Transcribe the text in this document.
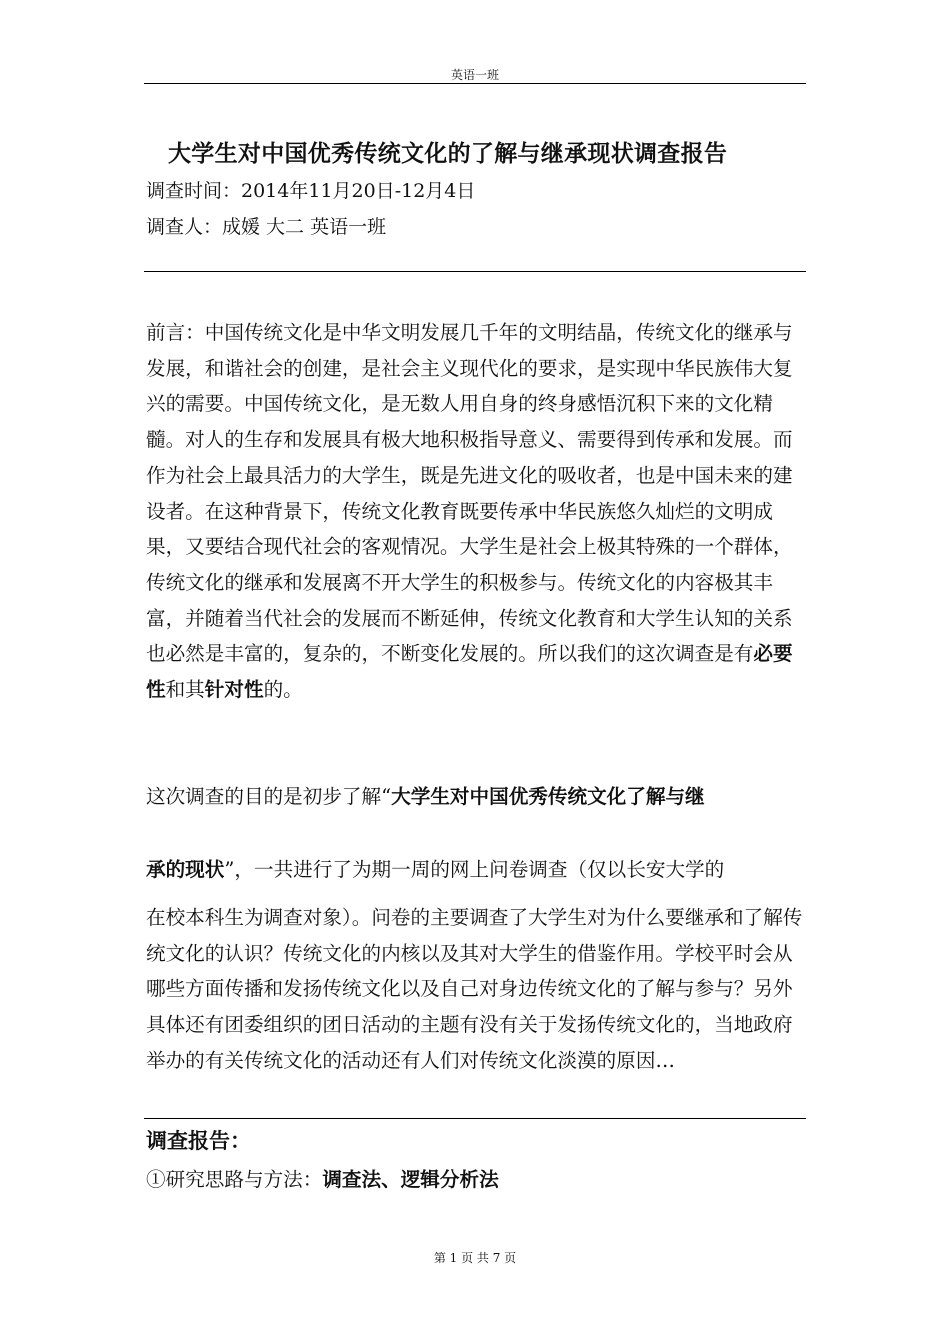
英语一班
大学生对中国优秀传统文化的了解与继承现状调查报告
调查时间：2014年11月20日-12月4日
调查人：成媛 大二 英语一班

前言：中国传统文化是中华文明发展几千年的文明结晶，传统文化的继承与发展，和谐社会的创建，是社会主义现代化的要求，是实现中华民族伟大复兴的需要。中国传统文化，是无数人用自身的终身感悟沉积下来的文化精髓。对人的生存和发展具有极大地积极指导意义、需要得到传承和发展。而作为社会上最具活力的大学生，既是先进文化的吸收者，也是中国未来的建设者。在这种背景下，传统文化教育既要传承中华民族悠久灿烂的文明成果，又要结合现代社会的客观情况。大学生是社会上极其特殊的一个群体，传统文化的继承和发展离不开大学生的积极参与。传统文化的内容极其丰富，并随着当代社会的发展而不断延伸，传统文化教育和大学生认知的关系也必然是丰富的，复杂的，不断变化发展的。所以我们的这次调查是有必要性和其针对性的。

这次调查的目的是初步了解“大学生对中国优秀传统文化了解与继

承的现状”，一共进行了为期一周的网上问卷调查（仅以长安大学的

在校本科生为调查对象）。问卷的主要调查了大学生对为什么要继承和了解传统文化的认识？传统文化的内核以及其对大学生的借鉴作用。学校平时会从哪些方面传播和发扬传统文化以及自己对身边传统文化的了解与参与？另外具体还有团委组织的团日活动的主题有没有关于发扬传统文化的，当地政府举办的有关传统文化的活动还有人们对传统文化淡漠的原因…

调查报告：
①研究思路与方法：调查法、逻辑分析法
第 1 页 共 7 页
